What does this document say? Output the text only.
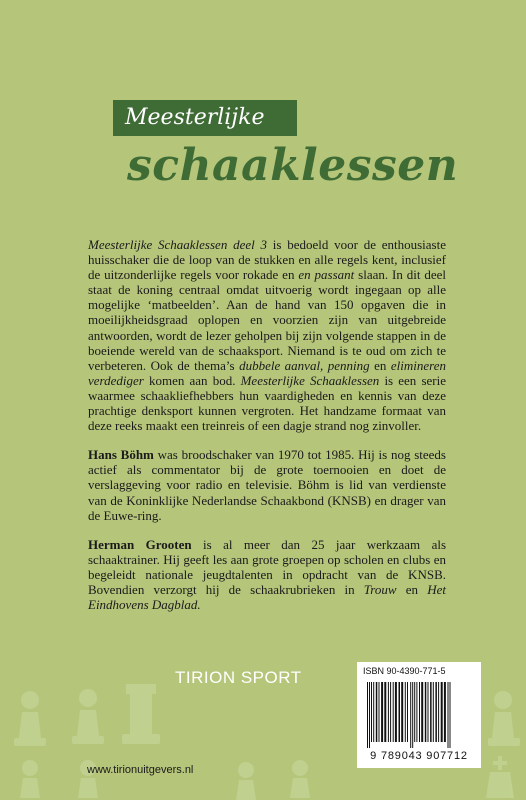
Meesterlijke
schaaklessen

Meesterlijke Schaaklessen deel 3 is bedoeld voor de enthousiaste huisschaker die de loop van de stukken en alle regels kent, inclusief de uitzonderlijke regels voor rokade en en passant slaan. In dit deel staat de koning centraal omdat uitvoerig wordt ingegaan op alle mogelijke ‘matbeelden’. Aan de hand van 150 opgaven die in moeilijkheidsgraad oplopen en voorzien zijn van uitgebreide antwoorden, wordt de lezer geholpen bij zijn volgende stappen in de boeiende wereld van de schaaksport. Niemand is te oud om zich te verbeteren. Ook de thema’s dubbele aanval, penning en elimineren verdediger komen aan bod. Meesterlijke Schaaklessen is een serie waarmee schaakliefhebbers hun vaardigheden en kennis van deze prachtige denksport kunnen vergroten. Het handzame formaat van deze reeks maakt een treinreis of een dagje strand nog zinvoller.

Hans Böhm was broodschaker van 1970 tot 1985. Hij is nog steeds actief als commentator bij de grote toernooien en doet de verslaggeving voor radio en televisie. Böhm is lid van verdienste van de Koninklijke Nederlandse Schaakbond (KNSB) en drager van de Euwe-ring.

Herman Grooten is al meer dan 25 jaar werkzaam als schaaktrainer. Hij geeft les aan grote groepen op scholen en clubs en begeleidt nationale jeugdtalenten in opdracht van de KNSB. Bovendien verzorgt hij de schaakrubrieken in Trouw en Het Eindhovens Dagblad.

TIRION SPORT	ISBN 90-4390-771-5
9 789043 907712
www.tirionuitgevers.nl
